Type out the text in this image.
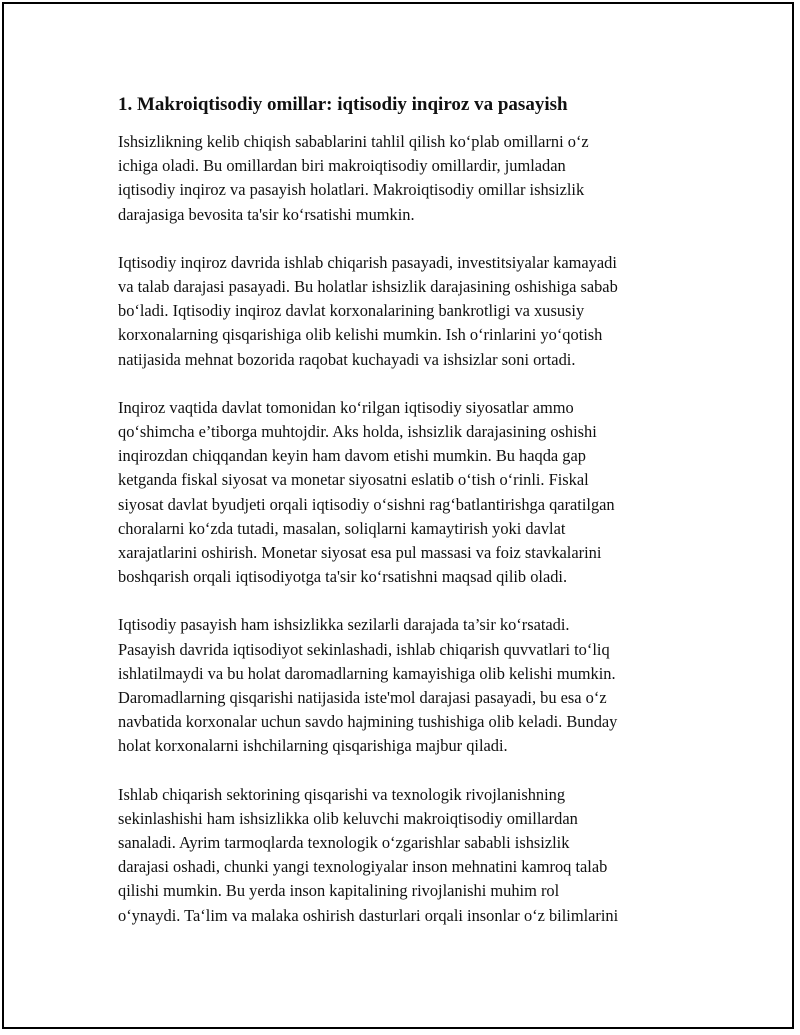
1. Makroiqtisodiy omillar: iqtisodiy inqiroz va pasayish
Ishsizlikning kelib chiqish sabablarini tahlil qilish ko‘plab omillarni o‘z
ichiga oladi. Bu omillardan biri makroiqtisodiy omillardir, jumladan
iqtisodiy inqiroz va pasayish holatlari. Makroiqtisodiy omillar ishsizlik
darajasiga bevosita ta'sir ko‘rsatishi mumkin.
Iqtisodiy inqiroz davrida ishlab chiqarish pasayadi, investitsiyalar kamayadi
va talab darajasi pasayadi. Bu holatlar ishsizlik darajasining oshishiga sabab
bo‘ladi. Iqtisodiy inqiroz davlat korxonalarining bankrotligi va xususiy
korxonalarning qisqarishiga olib kelishi mumkin. Ish o‘rinlarini yo‘qotish
natijasida mehnat bozorida raqobat kuchayadi va ishsizlar soni ortadi.
Inqiroz vaqtida davlat tomonidan ko‘rilgan iqtisodiy siyosatlar ammo
qo‘shimcha e’tiborga muhtojdir. Aks holda, ishsizlik darajasining oshishi
inqirozdan chiqqandan keyin ham davom etishi mumkin. Bu haqda gap
ketganda fiskal siyosat va monetar siyosatni eslatib o‘tish o‘rinli. Fiskal
siyosat davlat byudjeti orqali iqtisodiy o‘sishni rag‘batlantirishga qaratilgan
choralarni ko‘zda tutadi, masalan, soliqlarni kamaytirish yoki davlat
xarajatlarini oshirish. Monetar siyosat esa pul massasi va foiz stavkalarini
boshqarish orqali iqtisodiyotga ta'sir ko‘rsatishni maqsad qilib oladi.
Iqtisodiy pasayish ham ishsizlikka sezilarli darajada ta’sir ko‘rsatadi.
Pasayish davrida iqtisodiyot sekinlashadi, ishlab chiqarish quvvatlari to‘liq
ishlatilmaydi va bu holat daromadlarning kamayishiga olib kelishi mumkin.
Daromadlarning qisqarishi natijasida iste'mol darajasi pasayadi, bu esa o‘z
navbatida korxonalar uchun savdo hajmining tushishiga olib keladi. Bunday
holat korxonalarni ishchilarning qisqarishiga majbur qiladi.
Ishlab chiqarish sektorining qisqarishi va texnologik rivojlanishning
sekinlashishi ham ishsizlikka olib keluvchi makroiqtisodiy omillardan
sanaladi. Ayrim tarmoqlarda texnologik o‘zgarishlar sababli ishsizlik
darajasi oshadi, chunki yangi texnologiyalar inson mehnatini kamroq talab
qilishi mumkin. Bu yerda inson kapitalining rivojlanishi muhim rol
o‘ynaydi. Ta‘lim va malaka oshirish dasturlari orqali insonlar o‘z bilimlarini
